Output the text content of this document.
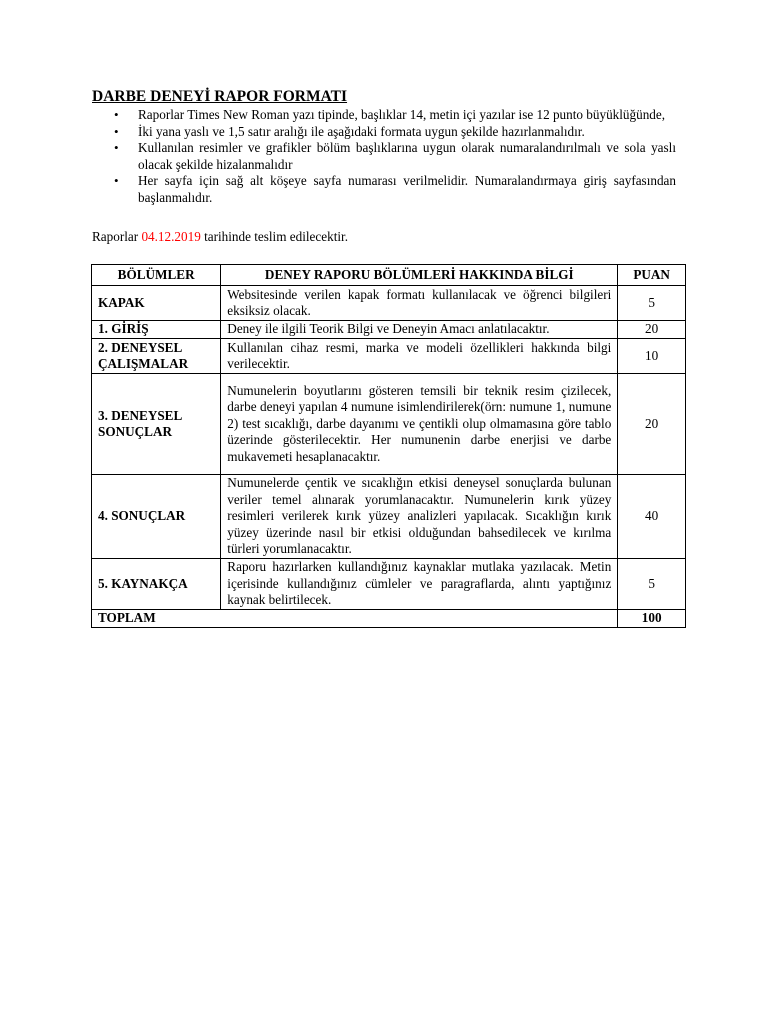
DARBE DENEYİ RAPOR FORMATI
• Raporlar Times New Roman yazı tipinde, başlıklar 14, metin içi yazılar ise 12 punto büyüklüğünde,
• İki yana yaslı ve 1,5 satır aralığı ile aşağıdaki formata uygun şekilde hazırlanmalıdır.
• Kullanılan resimler ve grafikler bölüm başlıklarına uygun olarak numaralandırılmalı ve sola yaslı olacak şekilde hizalanmalıdır
• Her sayfa için sağ alt köşeye sayfa numarası verilmelidir. Numaralandırmaya giriş sayfasından başlanmalıdır.
Raporlar 04.12.2019 tarihinde teslim edilecektir.
BÖLÜMLER	DENEY RAPORU BÖLÜMLERİ HAKKINDA BİLGİ	PUAN
KAPAK	Websitesinde verilen kapak formatı kullanılacak ve öğrenci bilgileri eksiksiz olacak.	5
1. GİRİŞ	Deney ile ilgili Teorik Bilgi ve Deneyin Amacı anlatılacaktır.	20
2. DENEYSEL ÇALIŞMALAR	Kullanılan cihaz resmi, marka ve modeli özellikleri hakkında bilgi verilecektir.	10
3. DENEYSEL SONUÇLAR	Numunelerin boyutlarını gösteren temsili bir teknik resim çizilecek, darbe deneyi yapılan 4 numune isimlendirilerek(örn: numune 1, numune 2) test sıcaklığı, darbe dayanımı ve çentikli olup olmamasına göre tablo üzerinde gösterilecektir. Her numunenin darbe enerjisi ve darbe mukavemeti hesaplanacaktır.	20
4. SONUÇLAR	Numunelerde çentik ve sıcaklığın etkisi deneysel sonuçlarda bulunan veriler temel alınarak yorumlanacaktır. Numunelerin kırık yüzey resimleri verilerek kırık yüzey analizleri yapılacak. Sıcaklığın kırık yüzey üzerinde nasıl bir etkisi olduğundan bahsedilecek ve kırılma türleri yorumlanacaktır.	40
5. KAYNAKÇA	Raporu hazırlarken kullandığınız kaynaklar mutlaka yazılacak. Metin içerisinde kullandığınız cümleler ve paragraflarda, alıntı yaptığınız kaynak belirtilecek.	5
TOPLAM		100
